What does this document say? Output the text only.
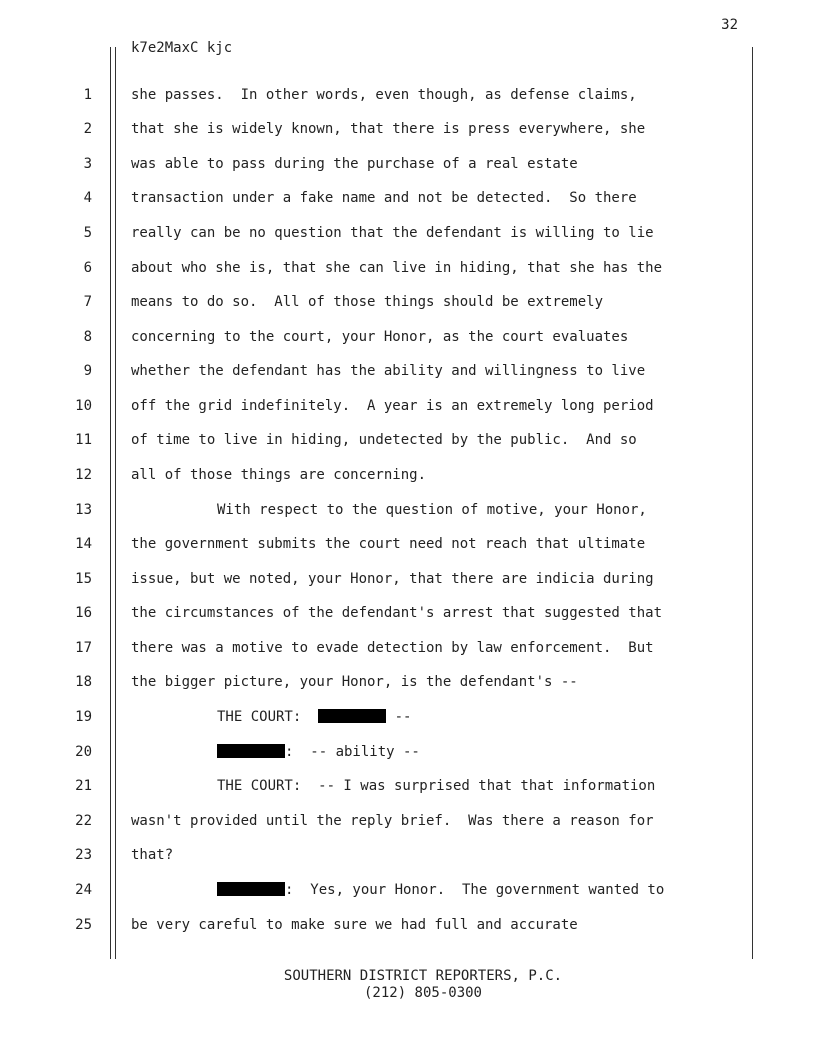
32
k7e2MaxC kjc
1
2
3
4
5
6
7
8
9
10
11
12
13
14
15
16
17
18
19
20
21
22
23
24
25
she passes.  In other words, even though, as defense claims,
that she is widely known, that there is press everywhere, she
was able to pass during the purchase of a real estate
transaction under a fake name and not be detected.  So there
really can be no question that the defendant is willing to lie
about who she is, that she can live in hiding, that she has the
means to do so.  All of those things should be extremely
concerning to the court, your Honor, as the court evaluates
whether the defendant has the ability and willingness to live
off the grid indefinitely.  A year is an extremely long period
of time to live in hiding, undetected by the public.  And so
all of those things are concerning.
With respect to the question of motive, your Honor,
the government submits the court need not reach that ultimate
issue, but we noted, your Honor, that there are indicia during
the circumstances of the defendant's arrest that suggested that
there was a motive to evade detection by law enforcement.  But
the bigger picture, your Honor, is the defendant's --
THE COURT:	--
:  -- ability --
THE COURT:  -- I was surprised that that information
wasn't provided until the reply brief.  Was there a reason for
that?
:  Yes, your Honor.  The government wanted to
be very careful to make sure we had full and accurate
SOUTHERN DISTRICT REPORTERS, P.C.
(212) 805-0300
